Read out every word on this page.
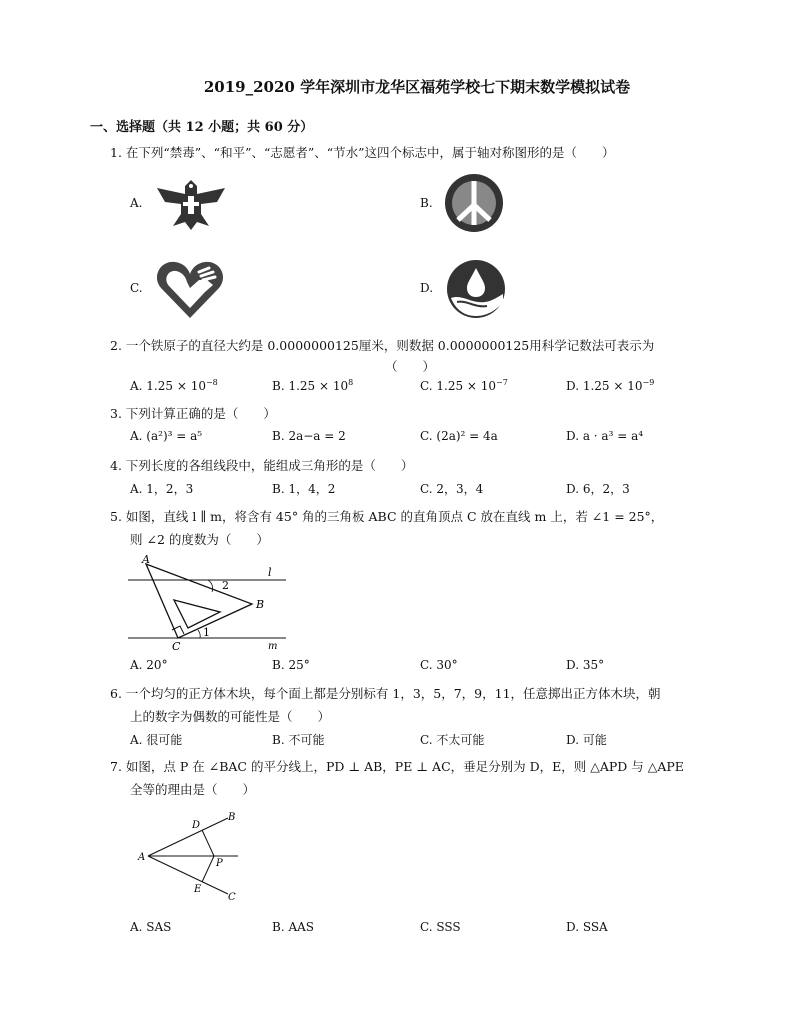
2019_2020 学年深圳市龙华区福苑学校七下期末数学模拟试卷
一、选择题（共 12 小题；共 60 分）
1. 在下列“禁毒”、“和平”、“志愿者”、“节水”这四个标志中，属于轴对称图形的是（　　）
A.	B.
C.	D.
2. 一个铁原子的直径大约是 0.0000000125厘米，则数据 0.0000000125用科学记数法可表示为
（　　）
A. $1.25 \times 10^{-8}$	B. $1.25 \times 10^8$	C. $1.25 \times 10^{-7}$	D. $1.25 \times 10^{-9}$
3. 下列计算正确的是（　　）
A. (a²)³ = a⁵	B. 2a−a = 2	C. (2a)² = 4a	D. a · a³ = a⁴
4. 下列长度的各组线段中，能组成三角形的是（　　）
A. 1，2，3	B. 1，4，2	C. 2，3，4	D. 6，2，3
5. 如图，直线 l ∥ m，将含有 45° 角的三角板 ABC 的直角顶点 C 放在直线 m 上，若 ∠1 = 25°，
则 ∠2 的度数为（　　）
A
B
C
l
m
1
2
A. 20°	B. 25°	C. 30°	D. 35°
6. 一个均匀的正方体木块，每个面上都是分别标有 1，3，5，7，9，11，任意掷出正方体木块，朝
上的数字为偶数的可能性是（　　）
A. 很可能	B. 不可能	C. 不太可能	D. 可能
7. 如图，点 P 在 ∠BAC 的平分线上，PD ⊥ AB，PE ⊥ AC，垂足分别为 D，E，则 △APD 与 △APE
全等的理由是（　　）
A
B
C
D
E
P
A. SAS	B. AAS	C. SSS	D. SSA
